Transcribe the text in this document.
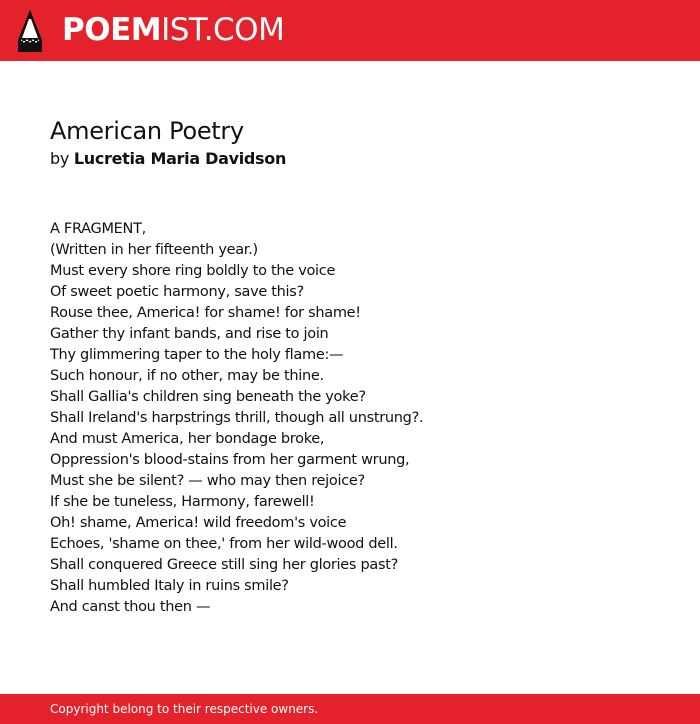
POEMIST.COM
American Poetry
by Lucretia Maria Davidson
A FRAGMENT,
(Written in her fifteenth year.)
Must every shore ring boldly to the voice
Of sweet poetic harmony, save this?
Rouse thee, America! for shame! for shame!
Gather thy infant bands, and rise to join
Thy glimmering taper to the holy flame:—
Such honour, if no other, may be thine.
Shall Gallia's children sing beneath the yoke?
Shall Ireland's harpstrings thrill, though all unstrung?.
And must America, her bondage broke,
Oppression's blood-stains from her garment wrung,
Must she be silent? — who may then rejoice?
If she be tuneless, Harmony, farewell!
Oh! shame, America! wild freedom's voice
Echoes, 'shame on thee,' from her wild-wood dell.
Shall conquered Greece still sing her glories past?
Shall humbled Italy in ruins smile?
And canst thou then —
Copyright belong to their respective owners.
